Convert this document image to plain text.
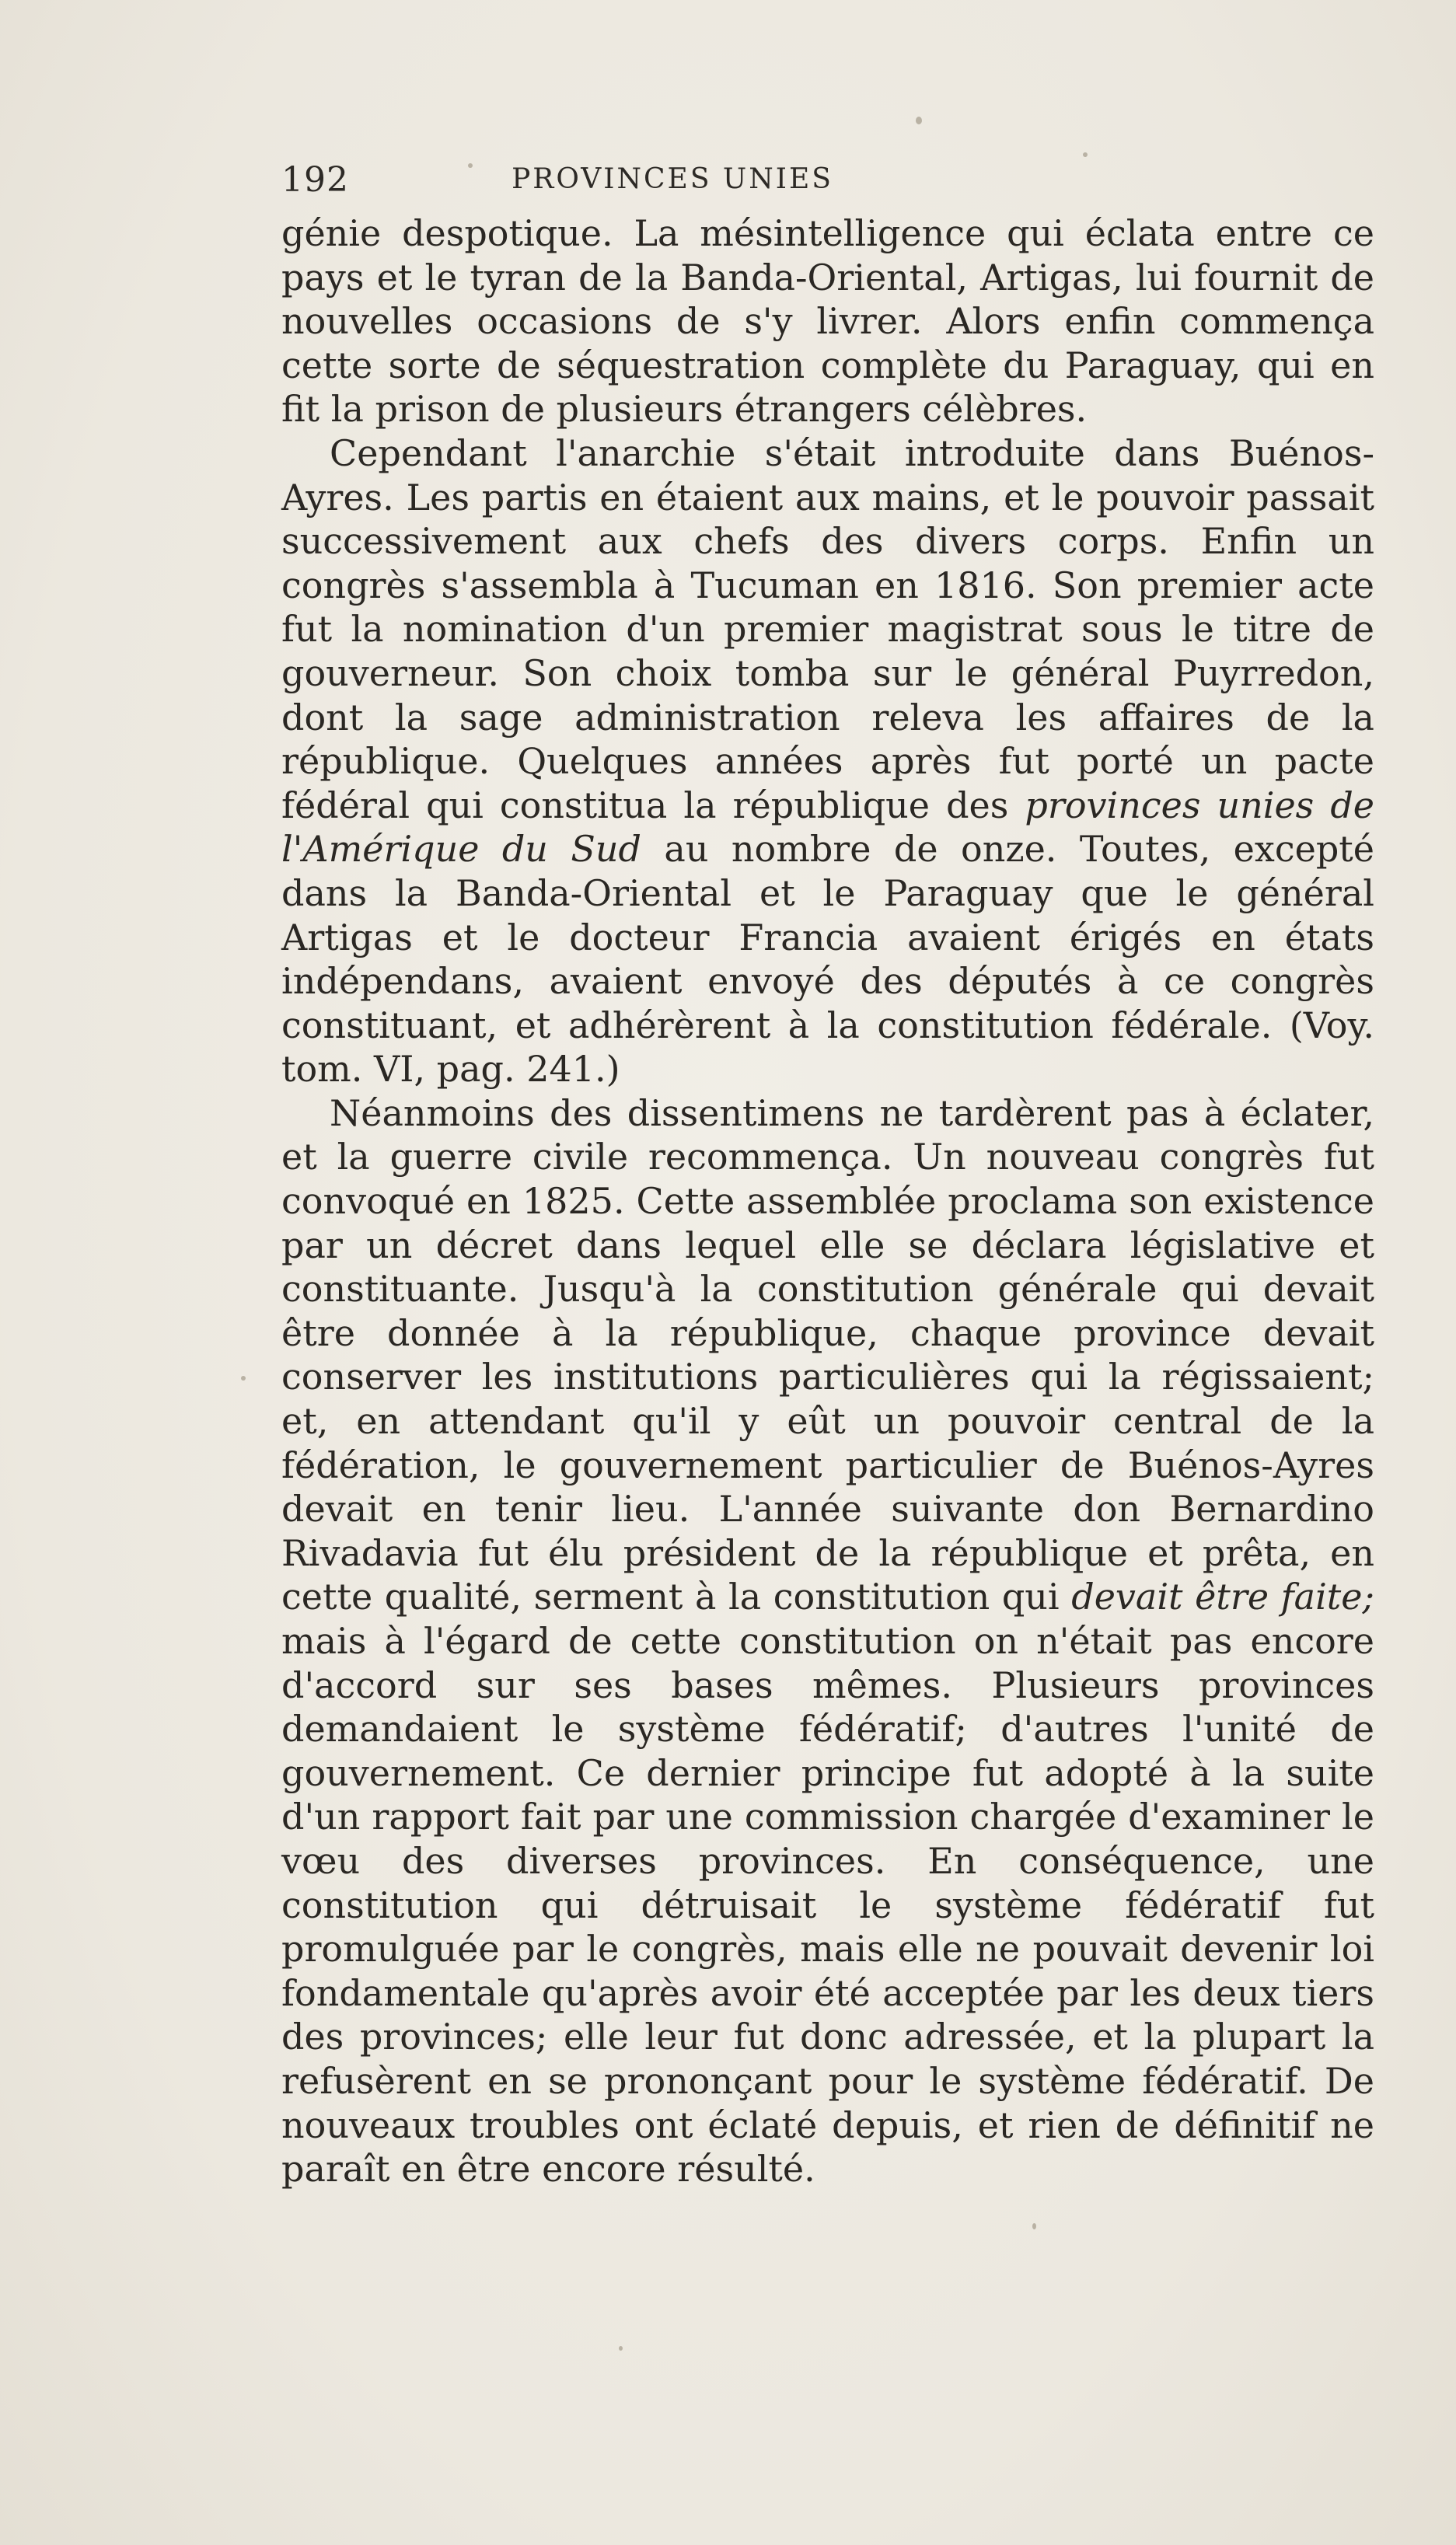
192	PROVINCES UNIES

génie despotique. La mésintelligence qui éclata entre ce pays et le tyran de la Banda-Oriental, Artigas, lui fournit de nouvelles occasions de s'y livrer. Alors enfin commença cette sorte de séquestration complète du Paraguay, qui en fit la prison de plusieurs étrangers célèbres.

Cependant l'anarchie s'était introduite dans Buénos-Ayres. Les partis en étaient aux mains, et le pouvoir passait successivement aux chefs des divers corps. Enfin un congrès s'assembla à Tucuman en 1816. Son premier acte fut la nomination d'un premier magistrat sous le titre de gouverneur. Son choix tomba sur le général Puyrredon, dont la sage administration releva les affaires de la république. Quelques années après fut porté un pacte fédéral qui constitua la république des provinces unies de l'Amérique du Sud au nombre de onze. Toutes, excepté dans la Banda-Oriental et le Paraguay que le général Artigas et le docteur Francia avaient érigés en états indépendans, avaient envoyé des députés à ce congrès constituant, et adhérèrent à la constitution fédérale. (Voy. tom. VI, pag. 241.)

Néanmoins des dissentimens ne tardèrent pas à éclater, et la guerre civile recommença. Un nouveau congrès fut convoqué en 1825. Cette assemblée proclama son existence par un décret dans lequel elle se déclara législative et constituante. Jusqu'à la constitution générale qui devait être donnée à la république, chaque province devait conserver les institutions particulières qui la régissaient; et, en attendant qu'il y eût un pouvoir central de la fédération, le gouvernement particulier de Buénos-Ayres devait en tenir lieu. L'année suivante don Bernardino Rivadavia fut élu président de la république et prêta, en cette qualité, serment à la constitution qui devait être faite; mais à l'égard de cette constitution on n'était pas encore d'accord sur ses bases mêmes. Plusieurs provinces demandaient le système fédératif; d'autres l'unité de gouvernement. Ce dernier principe fut adopté à la suite d'un rapport fait par une commission chargée d'examiner le vœu des diverses provinces. En conséquence, une constitution qui détruisait le système fédératif fut promulguée par le congrès, mais elle ne pouvait devenir loi fondamentale qu'après avoir été acceptée par les deux tiers des provinces; elle leur fut donc adressée, et la plupart la refusèrent en se prononçant pour le système fédératif. De nouveaux troubles ont éclaté depuis, et rien de définitif ne paraît en être encore résulté.
